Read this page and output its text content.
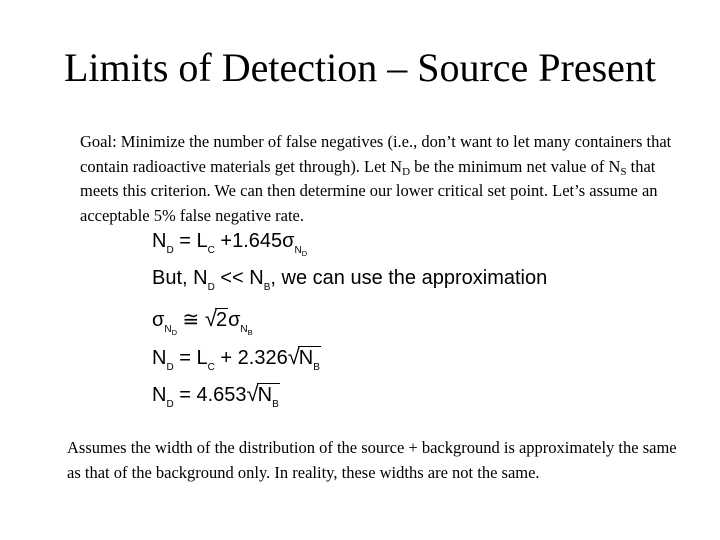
Limits of Detection – Source Present
Goal: Minimize the number of false negatives (i.e., don’t want to let many containers that contain radioactive materials get through). Let $N_D$ be the minimum net value of $N_S$ that meets this criterion. We can then determine our lower critical set point. Let’s assume an acceptable 5% false negative rate.
$N_D = L_C +1.645\sigma_{N_D}$
But, $N_D << N_B$, we can use the approximation
$\sigma_{N_D}$ ≅ $√2\sigma_{N_B}$
$N_D = L_C + 2.326√N_B$
$N_D = 4.653√N_B$
Assumes the width of the distribution of the source + background is approximately the same as that of the background only. In reality, these widths are not the same.
